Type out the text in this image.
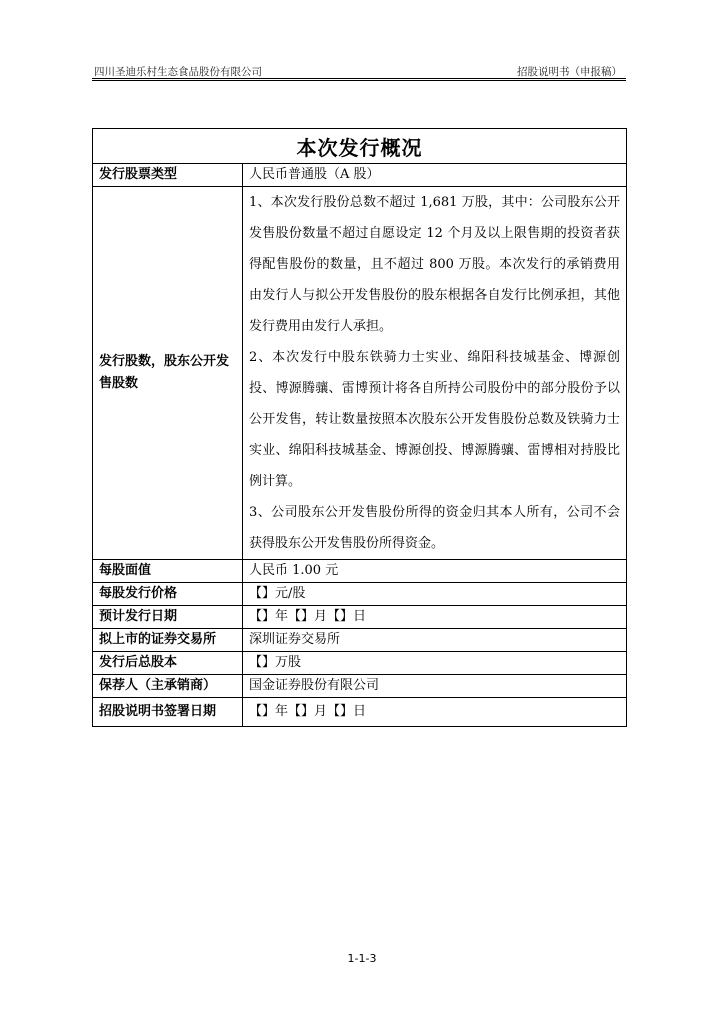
四川圣迪乐村生态食品股份有限公司	招股说明书（申报稿）
本次发行概况	
发行股票类型	人民币普通股（A 股）
发行股数，股东公开发售股数	1、本次发行股份总数不超过 1,681 万股，其中：公司股东公开发售股份数量不超过自愿设定 12 个月及以上限售期的投资者获得配售股份的数量，且不超过 800 万股。本次发行的承销费用由发行人与拟公开发售股份的股东根据各自发行比例承担，其他发行费用由发行人承担。

2、本次发行中股东铁骑力士实业、绵阳科技城基金、博源创投、博源腾骧、雷博预计将各自所持公司股份中的部分股份予以公开发售，转让数量按照本次股东公开发售股份总数及铁骑力士实业、绵阳科技城基金、博源创投、博源腾骧、雷博相对持股比例计算。

3、公司股东公开发售股份所得的资金归其本人所有，公司不会获得股东公开发售股份所得资金。

每股面值	人民币 1.00 元
每股发行价格	【】元/股
预计发行日期	【】年【】月【】日
拟上市的证券交易所	深圳证券交易所
发行后总股本	【】万股
保荐人（主承销商）	国金证券股份有限公司
招股说明书签署日期	【】年【】月【】日
1-1-3
